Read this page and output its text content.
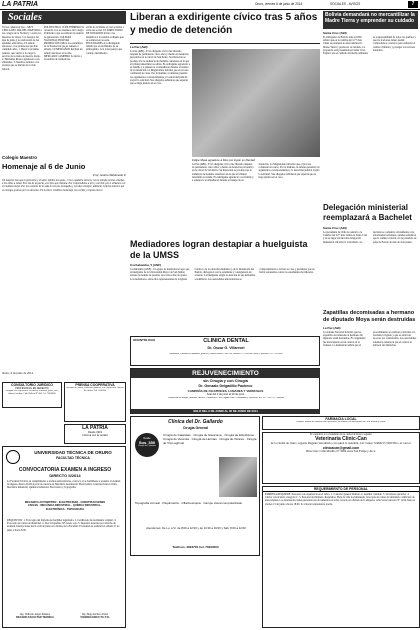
LA PATRIA	Oruro, viernes 6 de junio de 2014	SOCIALES - AVISOS	7
Sociales

Ya nos calienta el frío... MUY CERCA DEL DÍA DEL MAESTRO a los colegas de la Normal y a todos los maestros de Oruro. Los festejos del mes de junio y la celebración de las unidades educativas. Un saludo afectuoso a los profesores que han cumplido años. 1. Hasta la próxima semana, que vuelve a la carga la sección de sociales de nuestro diario. 2. Hermanas Rivera agradecen a sus amistades. 3. Nuestros saludos a los jóvenes que se inician en la vida laboral.

POLITÉCNICO 10 DE FEBRERO Se recuerda a los ex alumnos del Colegio Politécnico que se realizará la reunión de generación. COLEGIO NACIONAL BOLÍVAR PROMOCIÓN 1984 a los exalumnos de la Promoción que se reúnen el sábado. CUMPLEAÑOS Reciban un saludo afectuoso en su día. MERCADO CAMPERO Se invita a la reunión de vendedores.

el Día de la Madre al cual se invita a todas las socias. EL DIRECTORIO DE NOTARIOS Invita a los miembros a la reunión ordinaria que se realizará en su sede. FELICIDADES A la distinguida familia por el nacimiento de su primogénito. A la joven pareja que contrajo matrimonio.

Colegio Maestro
Homenaje al 6 de Junio
Prof. Amalia Maldonado P.

Oh maestro mío que tu paciencia y el saber infinito nos guía... Con tu palabra sincera, con tu mirada serena, enseñas a los niños a soñar. Eres luz de la patria, eres faro que ilumina. Por ti aprendimos a leer y escribir, por ti soñamos con un mañana mejor. Por los caminos de la vida tu voz nos acompaña y nos dice siempre: adelante. Gracias maestro por tu entrega, gracias por tus desvelos. En tu día te rendimos homenaje con cariño y respeto eterno.

Oruro, 6 de junio de 2014
Liberan a exdirigente cívico tras 5 años y medio de detención
La Paz (ABI)

La Paz (ABI).- El ex dirigente cívico fue liberado después de permanecer cinco años y medio en detención preventiva en la cárcel de San Pedro. Su liberación se produjo tras la audiencia de medidas cautelares en la que el tribunal determinó su salida. El exdirigente agradeció a su familia y a quienes le acompañaron durante el tiempo de su detención. La Magistratura informó que el proceso continuará su curso. Por la mañana, la defensa presentó los argumentos correspondientes y la autoridad judicial aceptó la solicitud. Sus allegados señalaron que esperan que se haga justicia en el caso.

Felipe Mesa agradece a Dios por lograr su libertad

La Paz (ABI).- El ex dirigente cívico fue liberado después de permanecer cinco años y medio en detención preventiva en la cárcel de San Pedro. Su liberación se produjo tras la audiencia de medidas cautelares en la que el tribunal determinó su salida. El exdirigente agradeció a su familia y a quienes le acompañaron durante el tiempo de su detención. La Magistratura informó que el proceso continuará su curso. Por la mañana, la defensa presentó los argumentos correspondientes y la autoridad judicial aceptó la solicitud. Sus allegados señalaron que esperan que se haga justicia en el caso.

Bolivia demandará no mercantilizar la Madre Tierra y emprender su cuidado
Santa Cruz (ABI)

El embajador de Bolivia ante la ONU señaló que en la cumbre del G77 más China se planteará no mercantilizar la Madre Tierra y promover su cuidado. La propuesta será presentada en Santa Cruz. Explicó que el cuidado del medio ambiente es responsabilidad de todos los pueblos y que las naciones deben asumir compromisos concretos para enfrentar el cambio climático y proteger los recursos naturales.

Delegación ministerial reemplazará a Bachelet
Santa Cruz (ABI)

La presidenta de Chile no asistirá a la Cumbre del G77 más China en Santa Cruz y en su lugar enviará una delegación ministerial, informó la Cancillería. La decisión se comunicó oficialmente a las autoridades bolivianas, quienes señalaron que la cumbre contará con la presencia de jefes de Estado de más de cien países.

Zapatillas decomisadas a hermano de diputado Moya serán destruidas
La Paz (ABI)

La Aduana Nacional informó que las zapatillas decomisadas al hermano del diputado serán destruidas. El cargamento fue interceptado en un control en la frontera. La institución señaló que el procedimiento se realizará conforme a la normativa vigente y que se abrirá un proceso por contrabando. Las autoridades aduaneras reiteraron que el control se aplicará sin distinción.

Mediadores logran destapiar a huelguista de la UMSS
Cochabamba, 5 (ANF)

Cochabamba (ANF).- Un grupo de mediadores logró que la huelguista de la Universidad Mayor de San Simón levante la medida de presión, tras varios días de ayuno. Los mediadores, entre ellos representantes de la Iglesia Católica, de los derechos humanos y de la Defensoría del Pueblo, dialogaron con la estudiante y consiguieron un acuerdo. La huelguista exigía la atención de sus demandas académicas. Las autoridades universitarias se comprometieron a revisar su caso y garantizar que no habrá represalias contra los estudiantes movilizados.

CONSULTORIO JURÍDICO
PROFESIONAL EN DERECHO

Abogado con experiencia. Divorcios, herencias, penal, civil, laboral, familiar. Calle Bolívar Nº 456. Cel. 72400000

PRENSA COOPERATIVA

Operador de Motos, relaciones públicas, con experiencia. Horario de oficina. Telf. 5256234

LA PATRIA
Desde 1919
Informa con la verdad
ODONTÓLOGO	CLINICA DENTAL
Dr. Oscar G. Villarroel

Ortodoncia, endodoncia, implantes, prótesis y estética dental. Calle 6 de Octubre Nº 1234 entre Junín y Ayacucho. Cel. 71800000

REJUVENECIMIENTO
sin Cirugía y con Cirugía
Dr. Gonzalo Delgadillo Pacheco
CAMPAÑA DE CICATRICES, LUNARES Y VERRUGAS
Solo del 2 de junio al 30 de junio

Eliminación de arrugas, manchas, flacidez. Consultorio: Calle Pagador entre Cochabamba y Ayacucho. Telf. 5277788 Cel. 72488888

SOLO DEL 2 DE JUNIO AL 30 DE JUNIO DE 2014
FARMACIA LOCAL

Requiere auxiliar de farmacia con experiencia. Presentarse con documentos en Calle Bolívar y Potosí.

Se comunica a la ciudadanía de la ciudad de Oruro, regente:

Veterinaria Clinic-Can

de la ciudad de Oruro, regente Regente Veterinario con quien lo atenderá. Cel: Lunes 72484215 5281339 o al correo:

clinicacan@gmail.com

Dirección: Calle Murillo Nº 3006 entre San Felipe y Arce.

REQUERIMIENTO DE PERSONAL

EMPRESA REQUIERE: Personal con experiencia en el rubro. 1. Contador general titulado. 2. Auxiliar contable. 3. Secretaria ejecutiva. 4. Chofer con licencia categoría C. 5. Personal de limpieza. Requisitos: Hoja de vida documentada, fotocopia de carnet de identidad, certificado de antecedentes. Los interesados deben presentar sus documentos en sobre cerrado en oficinas de la empresa, calle Soria Galvarro Nº 1234, hasta el viernes 13 de junio a horas 18:00. Se valorará experiencia previa.

Clínica del Dr. Gallardo
Cirugía General
Desde
Sus. 350
Cirugía de Cataratas

Cirugía de Cataratas · Cirugía de Glaucoma · Cirugía de Estrabismo · Cirugía de Vesícula · Cirugía de Hernias · Cirugía de Várices · Cirugía de Vía Lagrimal

Topografía corneal · Paquimetría · Oftalmoscopía · Campo visual computarizado

Atendemos: De Lu. a Vi. de 8:00 a 12:00 y de 14:30 a 19:00 y Sáb. 8:00 a 12:00

Teléfono: 2823700 Cel. 76230000
UNIVERSIDAD TÉCNICA DE ORURO
FACULTAD TÉCNICA
CONVOCATORIA EXAMEN A INGRESO
DIRECTO II/2014

La Facultad Técnica en cumplimiento a normas universitarias, convoca a los bachilleres a postular al examen de ingreso directo II/2014 para las carreras de Mecánica Automotriz, Electricidad, Construcciones Civiles, Mecánica Industrial, Química Industrial, Electrónica y Topografía.

MECÁNICA AUTOMOTRIZ · ELECTRICIDAD · CONSTRUCCIONES CIVILES · MECÁNICA INDUSTRIAL · QUÍMICA INDUSTRIAL · ELECTRÓNICA · TOPOGRAFÍA

REQUISITOS: 1. Fotocopia del diploma de bachiller legalizada. 2. Certificado de nacimiento original. 3. Fotocopia de carnet de identidad. 4. Dos fotografías 3x3 fondo rojo. 5. Depósito bancario por derecho de examen. Inscripciones del 9 al 20 de junio en oficinas de la Facultad. El examen se realizará el sábado 21 de junio a horas 8:00.

Ing. Wilfredo Angel Jiménez
DECANO FACULTAD TÉCNICA
Ing. Hugo Pacheco Pérez
VICEDECANO F.T.U.T.O.
